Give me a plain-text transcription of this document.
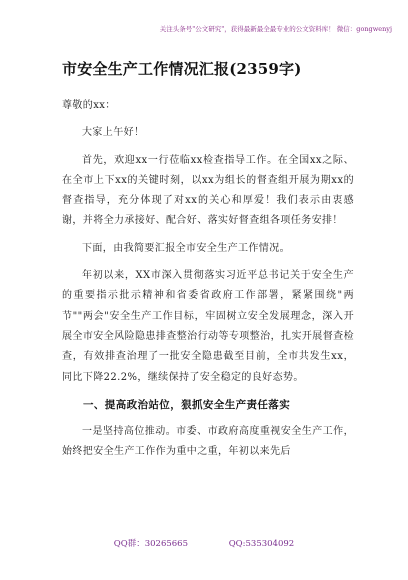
关注头条号"公文研究"，获得最新最全最专业的公文资料库！ 微信：gongwenyj
市安全生产工作情况汇报(2359字)

尊敬的xx：

大家上午好！

首先，欢迎xx一行莅临xx检查指导工作。在全国xx之际、在全市上下xx的关键时刻，以xx为组长的督查组开展为期xx的督查指导，充分体现了对xx的关心和厚爱！我们表示由衷感谢，并将全力承接好、配合好、落实好督查组各项任务安排！

下面，由我简要汇报全市安全生产工作情况。

年初以来，XX市深入贯彻落实习近平总书记关于安全生产的重要指示批示精神和省委省政府工作部署，紧紧围绕"两节""两会"安全生产工作目标，牢固树立安全发展理念，深入开展全市安全风险隐患排查整治行动等专项整治，扎实开展督查检查，有效排查治理了一批安全隐患截至目前，全市共发生xx，同比下降22.2%，继续保持了安全稳定的良好态势。

一、提高政治站位，狠抓安全生产责任落实

一是坚持高位推动。市委、市政府高度重视安全生产工作，始终把安全生产工作作为重中之重，年初以来先后

QQ群：30265665	QQ:535304092
